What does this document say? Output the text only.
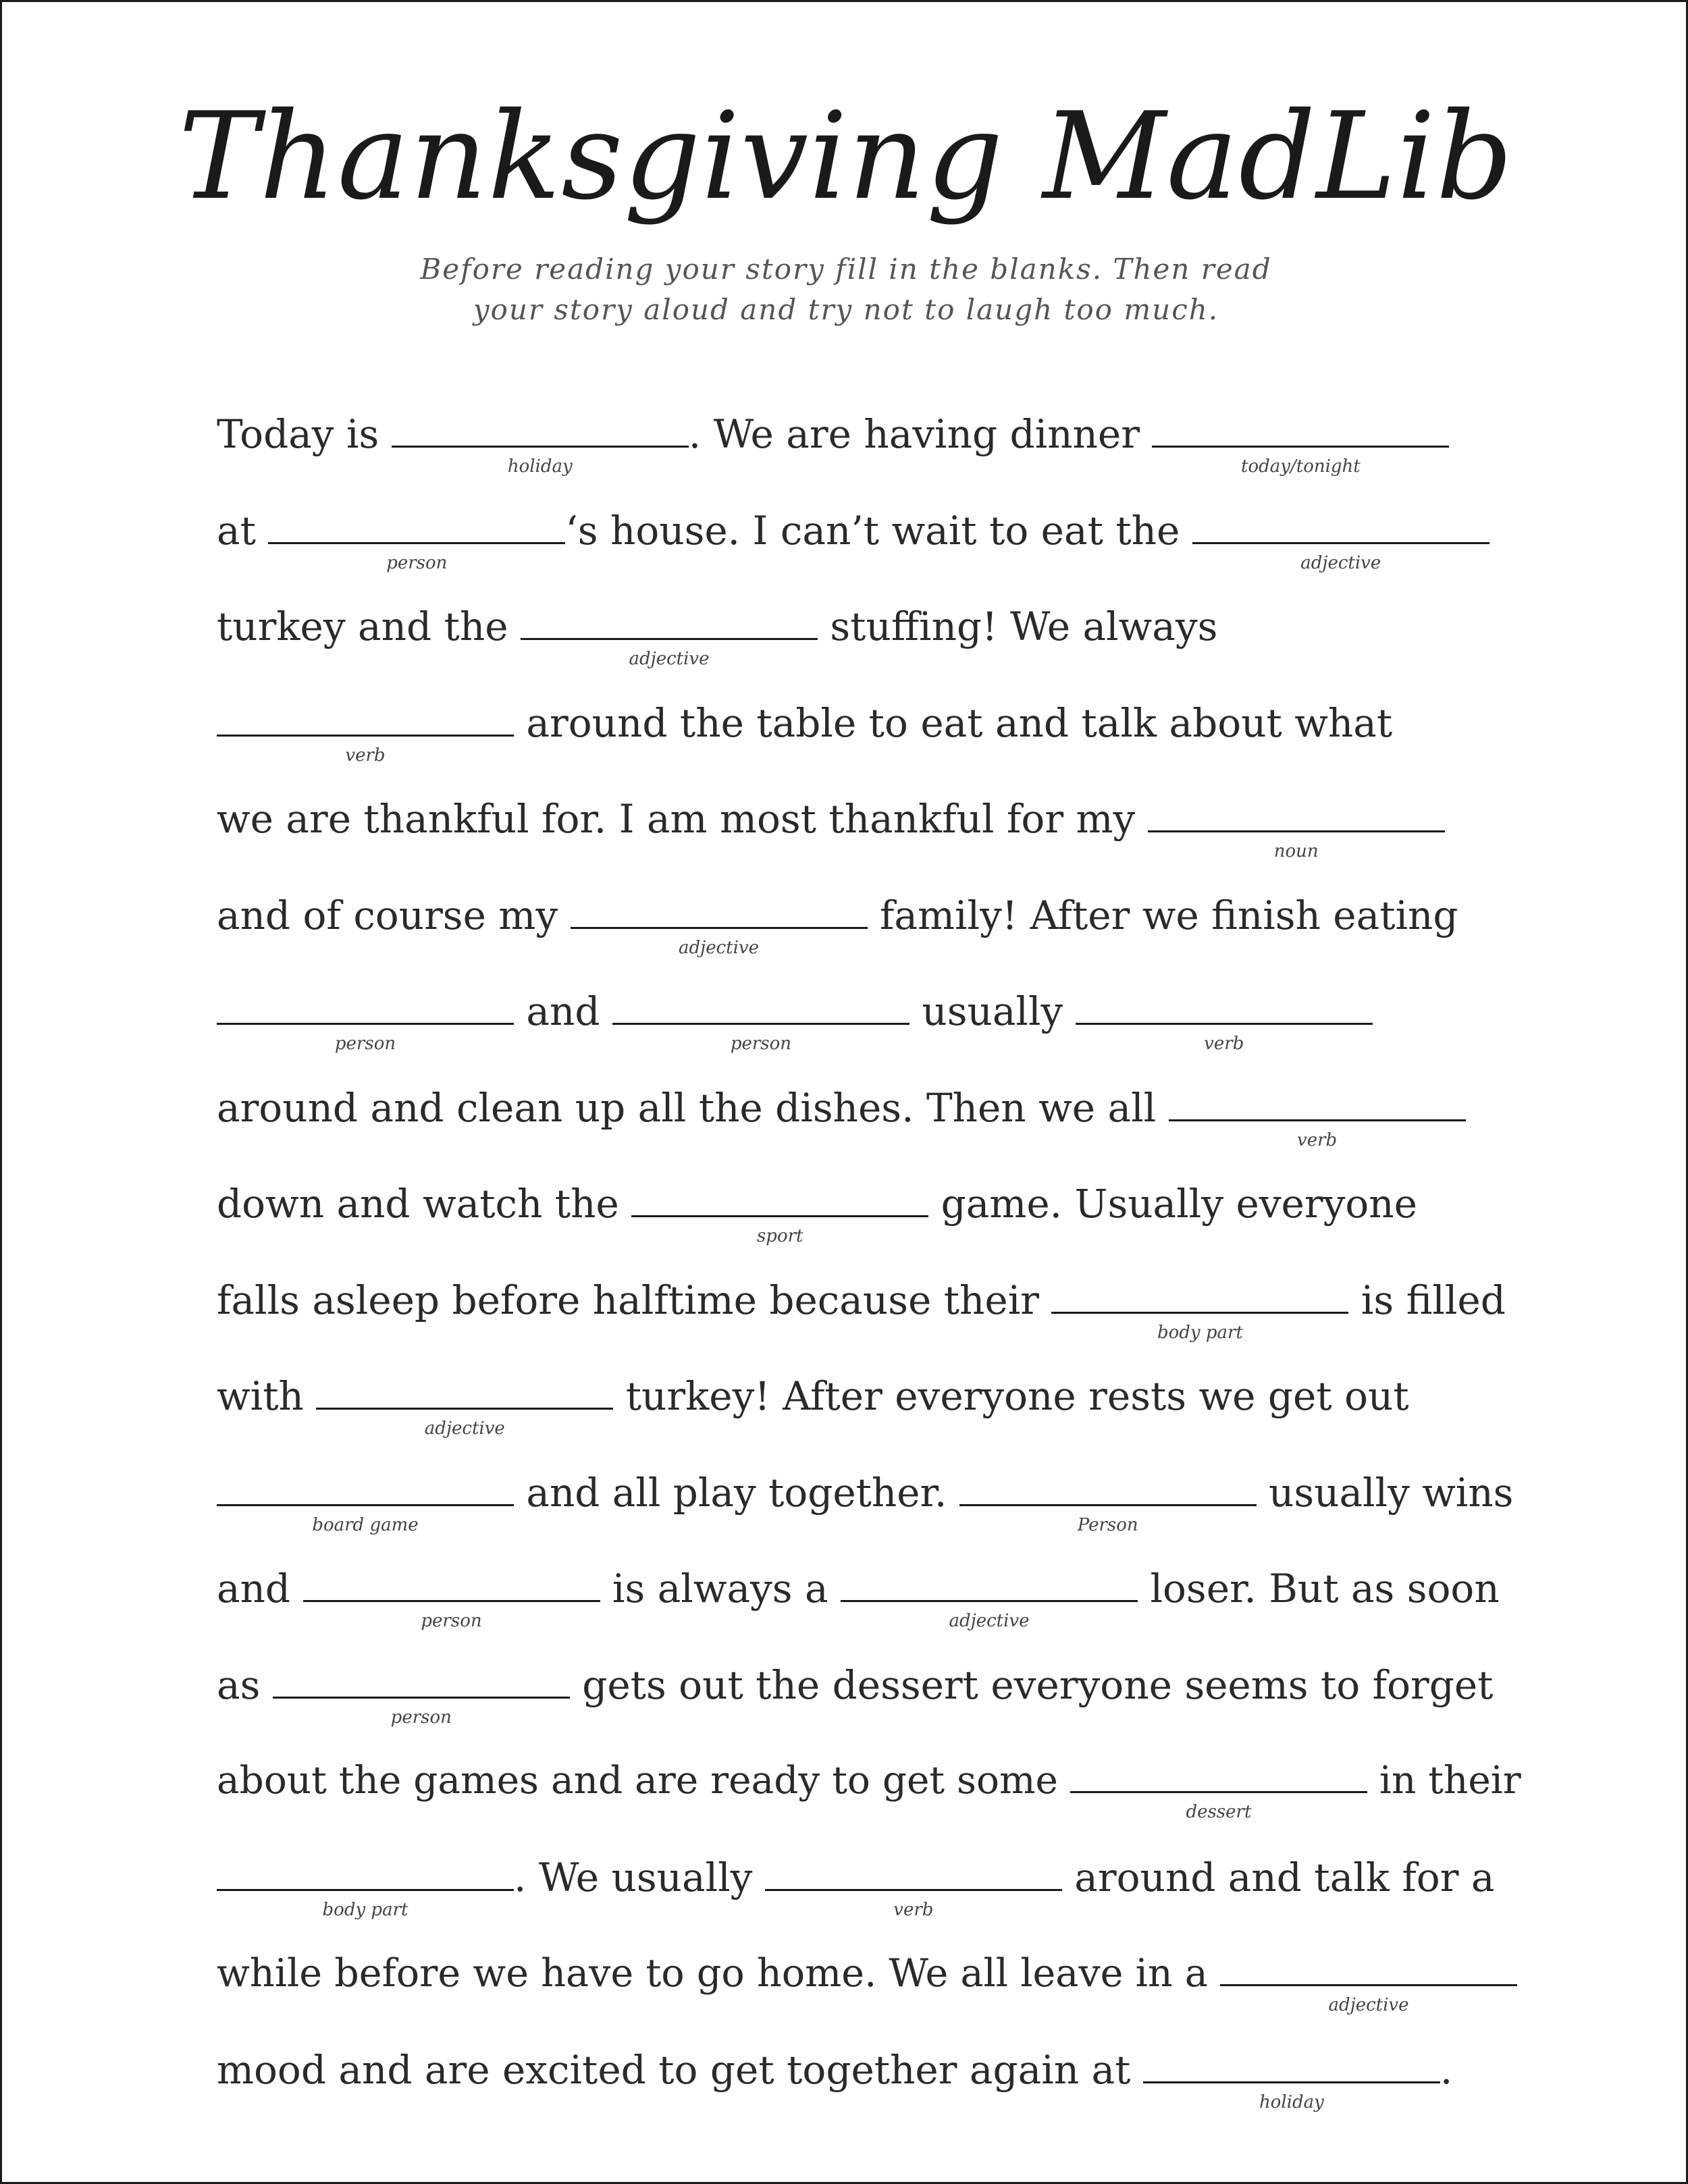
Thanksgiving MadLib
Before reading your story fill in the blanks. Then read
your story aloud and try not to laugh too much.
Today is
holiday
. We are having dinner
today/tonight
at
person
‘s house. I can’t wait to eat the
adjective
turkey and the
adjective
stuffing! We always
verb
around the table to eat and talk about what
we are thankful for. I am most thankful for my
noun
and of course my
adjective
family! After we finish eating
person
and
person
usually
verb
around and clean up all the dishes. Then we all
verb
down and watch the
sport
game. Usually everyone
falls asleep before halftime because their
body part
is filled
with
adjective
turkey! After everyone rests we get out
board game
and all play together.
Person
usually wins
and
person
is always a
adjective
loser. But as soon
as
person
gets out the dessert everyone seems to forget
about the games and are ready to get some
dessert
in their
body part
. We usually
verb
around and talk for a
while before we have to go home. We all leave in a
adjective
mood and are excited to get together again at
holiday
.
